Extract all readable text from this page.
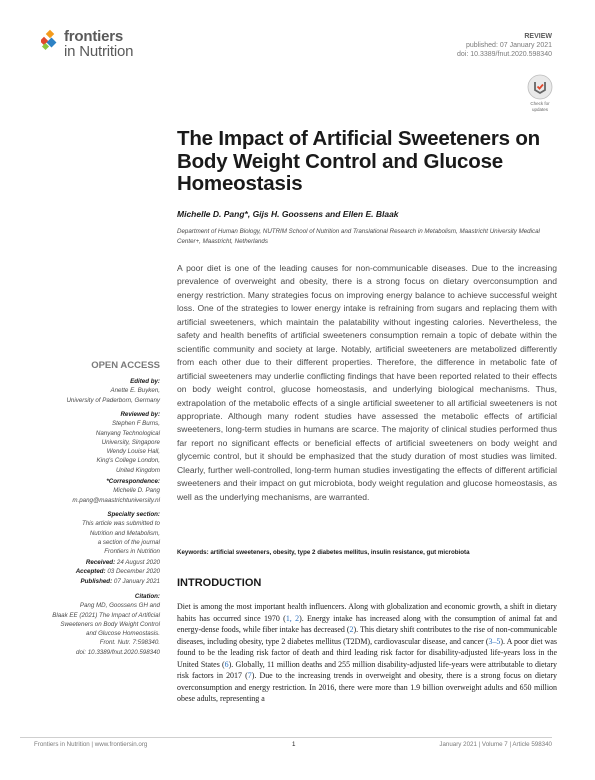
frontiers
in Nutrition
REVIEW
published: 07 January 2021
doi: 10.3389/fnut.2020.598340
Check for
updates
The Impact of Artificial Sweeteners on Body Weight Control and Glucose Homeostasis
Michelle D. Pang*, Gijs H. Goossens and Ellen E. Blaak
Department of Human Biology, NUTRIM School of Nutrition and Translational Research in Metabolism, Maastricht University Medical Center+, Maastricht, Netherlands
A poor diet is one of the leading causes for non-communicable diseases. Due to the increasing prevalence of overweight and obesity, there is a strong focus on dietary overconsumption and energy restriction. Many strategies focus on improving energy balance to achieve successful weight loss. One of the strategies to lower energy intake is refraining from sugars and replacing them with artificial sweeteners, which maintain the palatability without ingesting calories. Nevertheless, the safety and health benefits of artificial sweeteners consumption remain a topic of debate within the scientific community and society at large. Notably, artificial sweeteners are metabolized differently from each other due to their different properties. Therefore, the difference in metabolic fate of artificial sweeteners may underlie conflicting findings that have been reported related to their effects on body weight control, glucose homeostasis, and underlying biological mechanisms. Thus, extrapolation of the metabolic effects of a single artificial sweetener to all artificial sweeteners is not appropriate. Although many rodent studies have assessed the metabolic effects of artificial sweeteners, long-term studies in humans are scarce. The majority of clinical studies performed thus far report no significant effects or beneficial effects of artificial sweeteners on body weight and glycemic control, but it should be emphasized that the study duration of most studies was limited. Clearly, further well-controlled, long-term human studies investigating the effects of different artificial sweeteners and their impact on gut microbiota, body weight regulation and glucose homeostasis, as well as the underlying mechanisms, are warranted.
Keywords: artificial sweeteners, obesity, type 2 diabetes mellitus, insulin resistance, gut microbiota
INTRODUCTION
Diet is among the most important health influencers. Along with globalization and economic growth, a shift in dietary habits has occurred since 1970 (1, 2). Energy intake has increased along with the consumption of animal fat and energy-dense foods, while fiber intake has decreased (2). This dietary shift contributes to the rise of non-communicable diseases, including obesity, type 2 diabetes mellitus (T2DM), cardiovascular disease, and cancer (3–5). A poor diet was found to be the leading risk factor of death and third leading risk factor for disability-adjusted life-years loss in the United States (6). Globally, 11 million deaths and 255 million disability-adjusted life-years were attributable to dietary risk factors in 2017 (7). Due to the increasing trends in overweight and obesity, there is a strong focus on dietary overconsumption and energy restriction. In 2016, there were more than 1.9 billion overweight adults and 650 million obese adults, representing a
OPEN ACCESS
Edited by:
Anette E. Buyken,
University of Paderborn, Germany
Reviewed by:
Stephen F Burns,
Nanyang Technological
University, Singapore
Wendy Louise Hall,
King's College London,
United Kingdom
*Correspondence:
Michelle D. Pang
m.pang@maastrichtuniversity.nl
Specialty section:
This article was submitted to
Nutrition and Metabolism,
a section of the journal
Frontiers in Nutrition
Received: 24 August 2020
Accepted: 03 December 2020
Published: 07 January 2021
Citation:
Pang MD, Goossens GH and
Blaak EE (2021) The Impact of Artificial
Sweeteners on Body Weight Control
and Glucose Homeostasis.
Front. Nutr. 7:598340.
doi: 10.3389/fnut.2020.598340
Frontiers in Nutrition | www.frontiersin.org	1	January 2021 | Volume 7 | Article 598340
